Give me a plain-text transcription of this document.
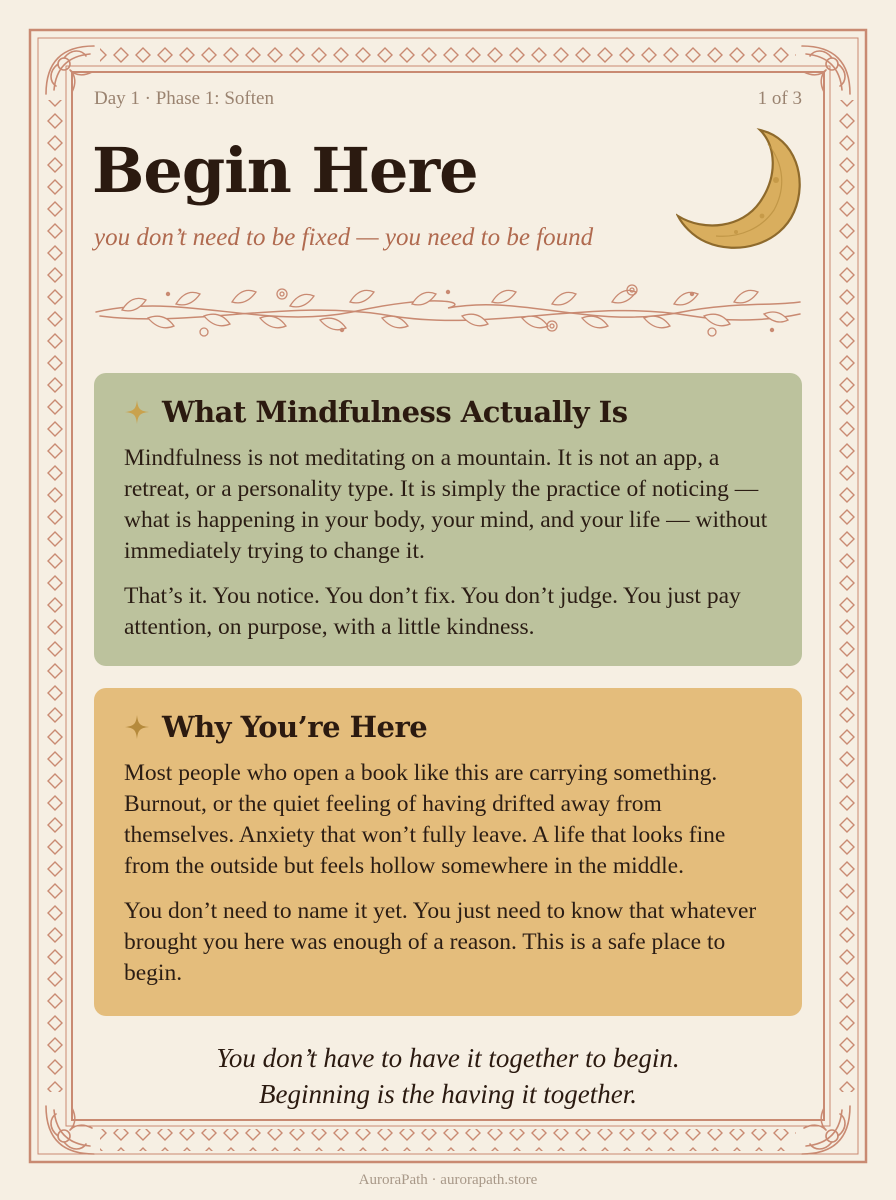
Day 1 · Phase 1: Soften	1 of 3
Begin Here

you don’t need to be fixed — you need to be found

What Mindfulness Actually Is

Mindfulness is not meditating on a mountain. It is not an app, a retreat, or a personality type. It is simply the practice of noticing — what is happening in your body, your mind, and your life — without immediately trying to change it.

That’s it. You notice. You don’t fix. You don’t judge. You just pay attention, on purpose, with a little kindness.

Why You’re Here

Most people who open a book like this are carrying something. Burnout, or the quiet feeling of having drifted away from themselves. Anxiety that won’t fully leave. A life that looks fine from the outside but feels hollow somewhere in the middle.

You don’t need to name it yet. You just need to know that whatever brought you here was enough of a reason. This is a safe place to begin.

You don’t have to have it together to begin.
Beginning is the having it together.
AuroraPath · aurorapath.store
